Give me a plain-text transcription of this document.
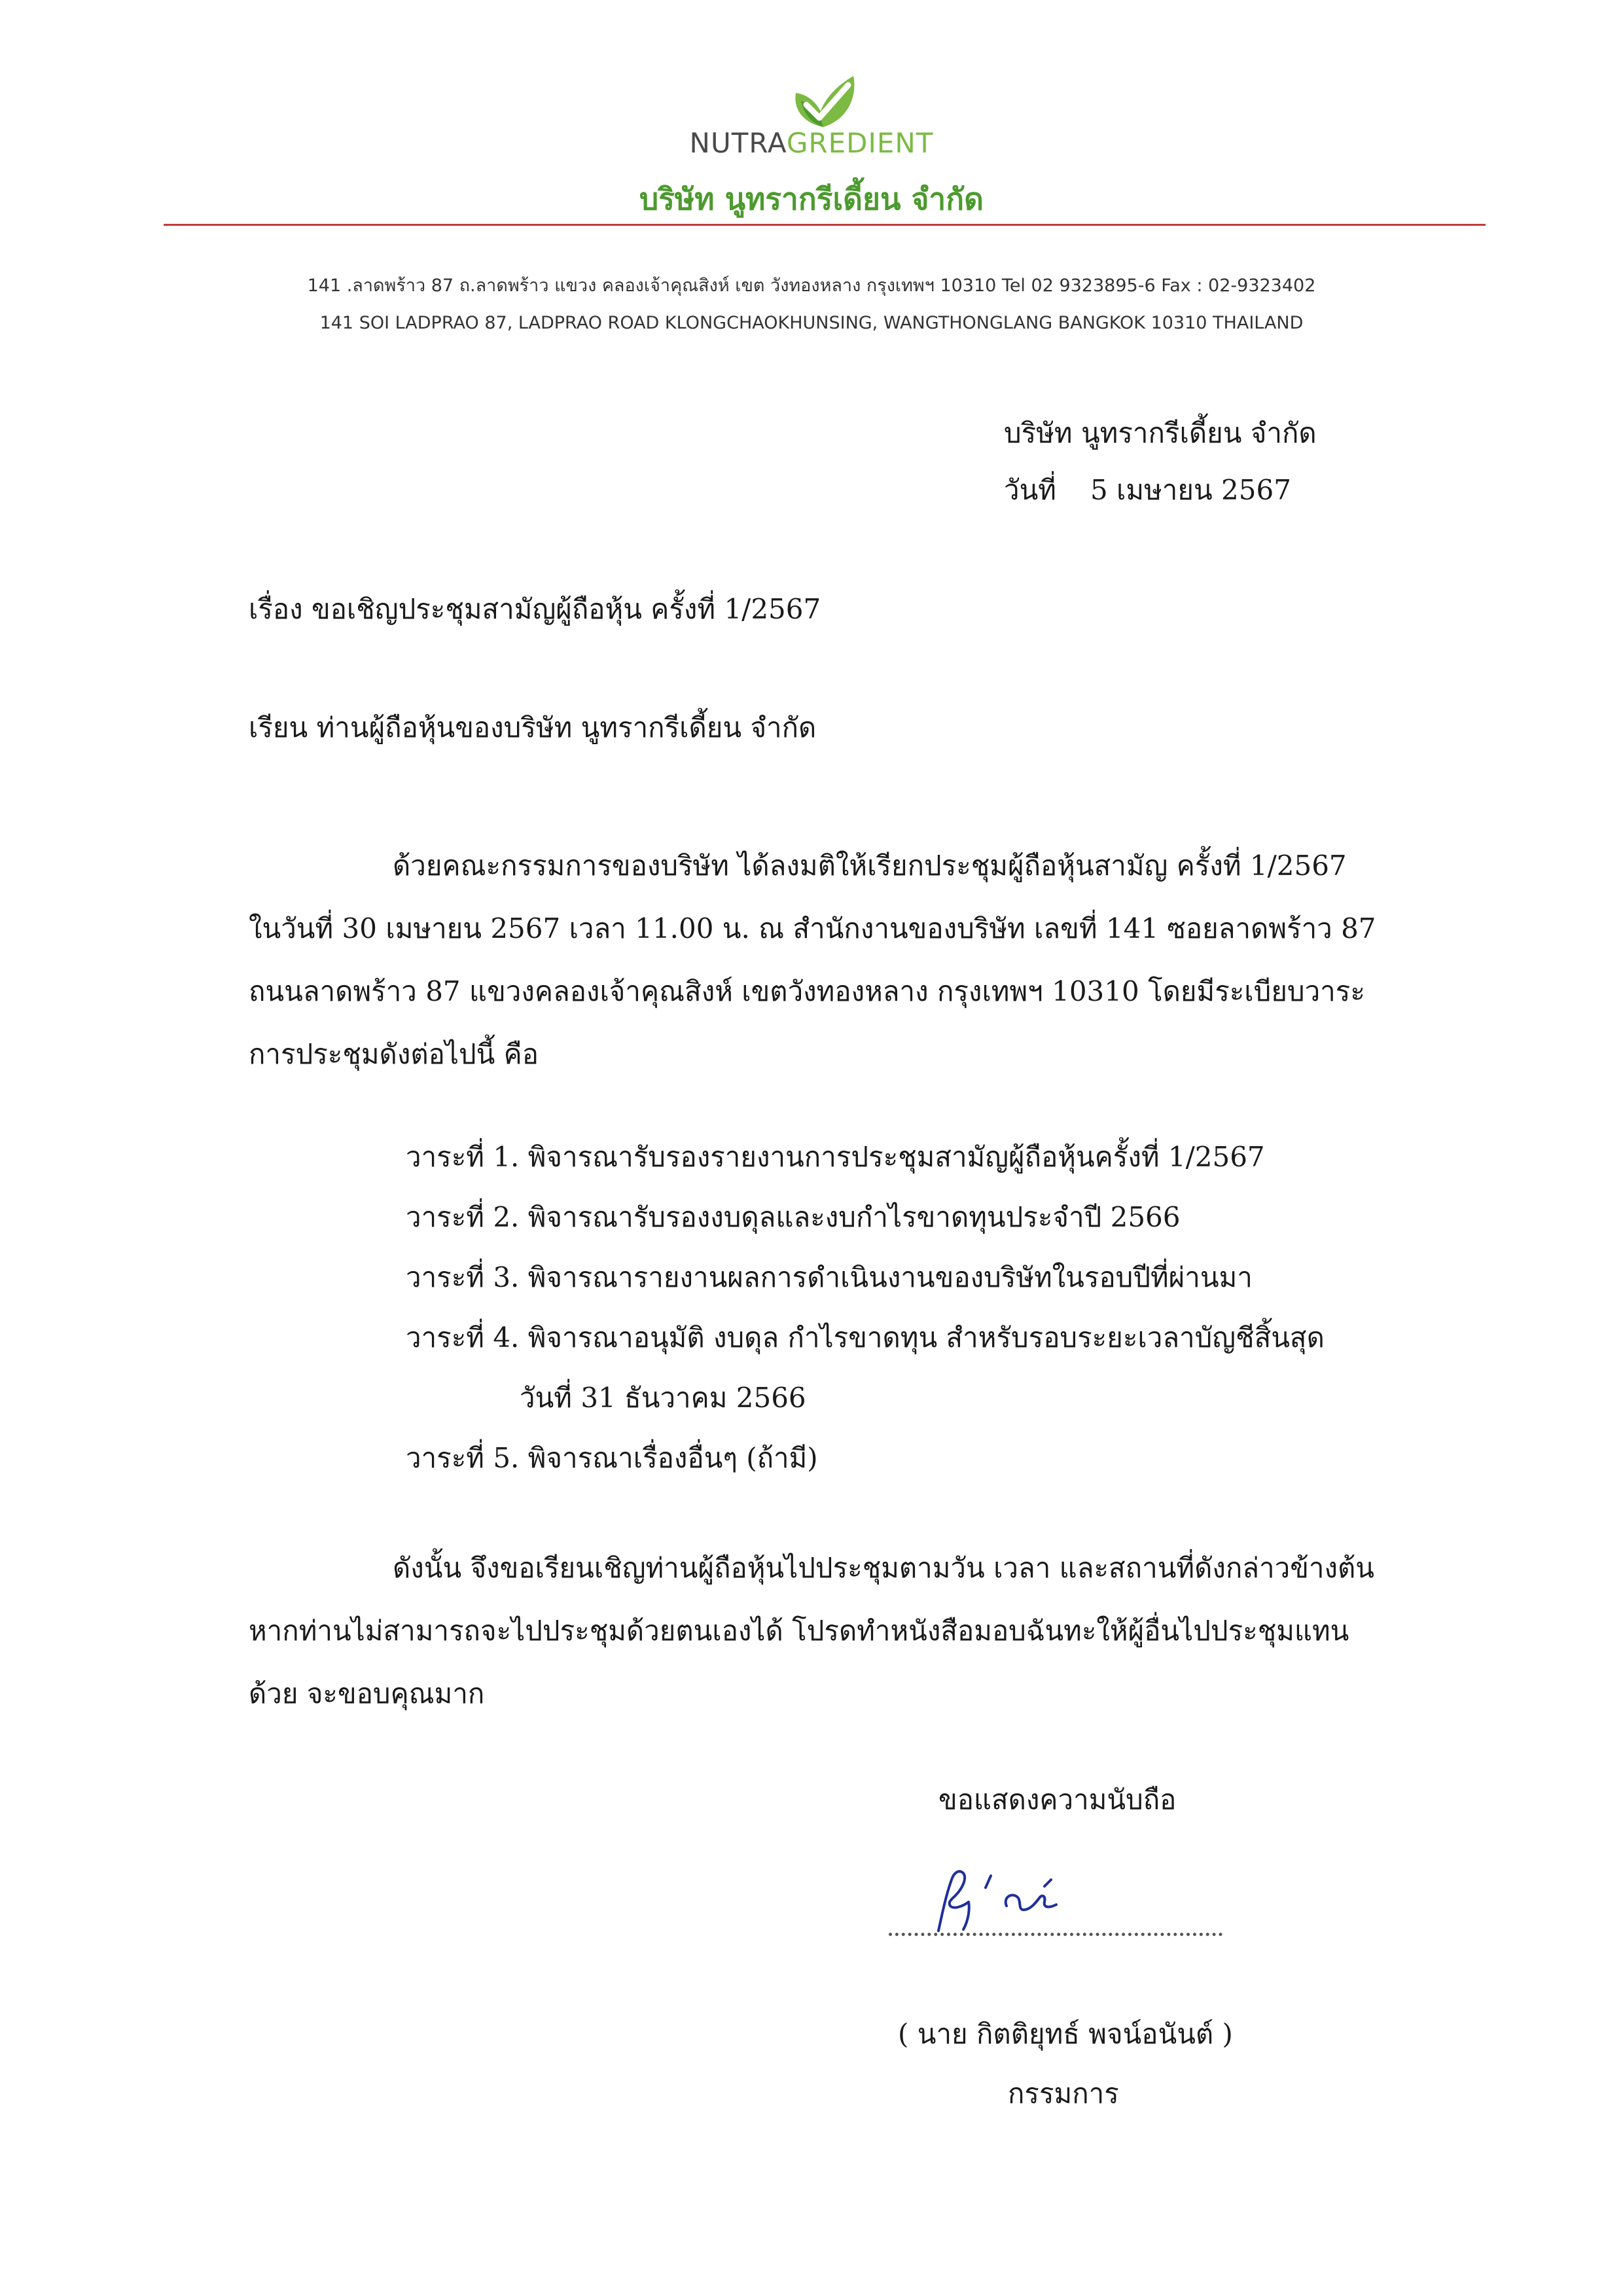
NUTRAGREDIENT
บริษัท นูทรากรีเดี้ยน จำกัด
141 .ลาดพร้าว 87 ถ.ลาดพร้าว แขวง คลองเจ้าคุณสิงห์ เขต วังทองหลาง กรุงเทพฯ 10310 Tel 02 9323895-6 Fax : 02-9323402
141 SOI LADPRAO 87, LADPRAO ROAD KLONGCHAOKHUNSING, WANGTHONGLANG BANGKOK 10310 THAILAND
บริษัท นูทรากรีเดี้ยน จำกัด
วันที่ 5 เมษายน 2567
เรื่อง ขอเชิญประชุมสามัญผู้ถือหุ้น ครั้งที่ 1/2567
เรียน ท่านผู้ถือหุ้นของบริษัท นูทรากรีเดี้ยน จำกัด
ด้วยคณะกรรมการของบริษัท ได้ลงมติให้เรียกประชุมผู้ถือหุ้นสามัญ ครั้งที่ 1/2567
ในวันที่ 30 เมษายน 2567 เวลา 11.00 น. ณ สำนักงานของบริษัท เลขที่ 141 ซอยลาดพร้าว 87
ถนนลาดพร้าว 87 แขวงคลองเจ้าคุณสิงห์ เขตวังทองหลาง กรุงเทพฯ 10310 โดยมีระเบียบวาระ
การประชุมดังต่อไปนี้ คือ
วาระที่ 1. พิจารณารับรองรายงานการประชุมสามัญผู้ถือหุ้นครั้งที่ 1/2567
วาระที่ 2. พิจารณารับรองงบดุลและงบกำไรขาดทุนประจำปี 2566
วาระที่ 3. พิจารณารายงานผลการดำเนินงานของบริษัทในรอบปีที่ผ่านมา
วาระที่ 4. พิจารณาอนุมัติ งบดุล กำไรขาดทุน สำหรับรอบระยะเวลาบัญชีสิ้นสุด
วันที่ 31 ธันวาคม 2566
วาระที่ 5. พิจารณาเรื่องอื่นๆ (ถ้ามี)
ดังนั้น จึงขอเรียนเชิญท่านผู้ถือหุ้นไปประชุมตามวัน เวลา และสถานที่ดังกล่าวข้างต้น
หากท่านไม่สามารถจะไปประชุมด้วยตนเองได้ โปรดทำหนังสือมอบฉันทะให้ผู้อื่นไปประชุมแทน
ด้วย จะขอบคุณมาก
ขอแสดงความนับถือ
( นาย กิตติยุทธ์ พจน์อนันต์ )
กรรมการ
